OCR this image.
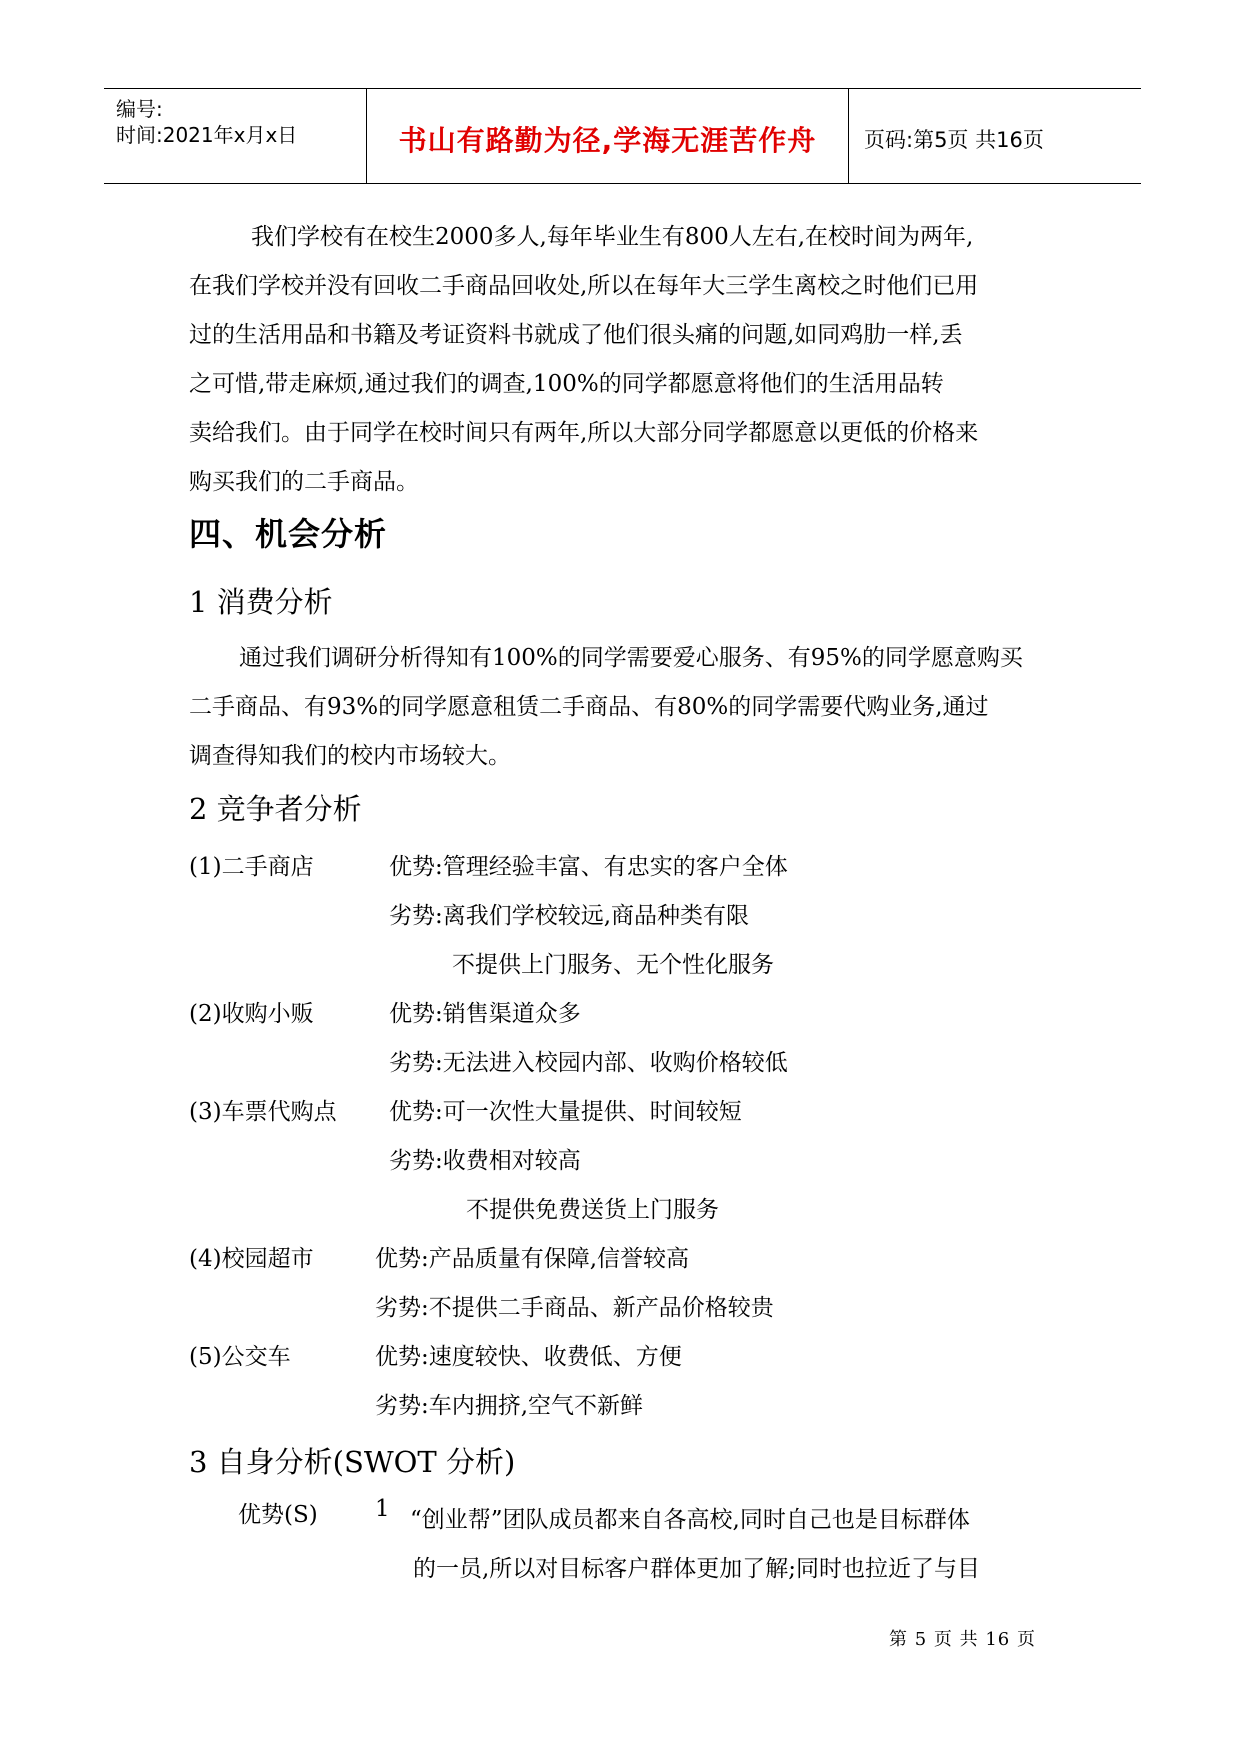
编号:
时间:2021年x月x日	书山有路勤为径,学海无涯苦作舟	页码:第5页 共16页
我们学校有在校生2000多人,每年毕业生有800人左右,在校时间为两年,
在我们学校并没有回收二手商品回收处,所以在每年大三学生离校之时他们已用
过的生活用品和书籍及考证资料书就成了他们很头痛的问题,如同鸡肋一样,丢
之可惜,带走麻烦,通过我们的调查,100%的同学都愿意将他们的生活用品转
卖给我们。由于同学在校时间只有两年,所以大部分同学都愿意以更低的价格来
购买我们的二手商品。
四、机会分析
1 消费分析
通过我们调研分析得知有100%的同学需要爱心服务、有95%的同学愿意购买
二手商品、有93%的同学愿意租赁二手商品、有80%的同学需要代购业务,通过
调查得知我们的校内市场较大。
2 竞争者分析
(1)二手商店	优势:管理经验丰富、有忠实的客户全体
劣势:离我们学校较远,商品种类有限
不提供上门服务、无个性化服务
(2)收购小贩	优势:销售渠道众多
劣势:无法进入校园内部、收购价格较低
(3)车票代购点 优势:可一次性大量提供、时间较短
劣势:收费相对较高
不提供免费送货上门服务
(4)校园超市	优势:产品质量有保障,信誉较高
劣势:不提供二手商品、新产品价格较贵
(5)公交车	优势:速度较快、收费低、方便
劣势:车内拥挤,空气不新鲜
3 自身分析(SWOT 分析)
优势(S) 1 “创业帮”团队成员都来自各高校,同时自己也是目标群体
的一员,所以对目标客户群体更加了解;同时也拉近了与目
第 5 页 共 16 页
